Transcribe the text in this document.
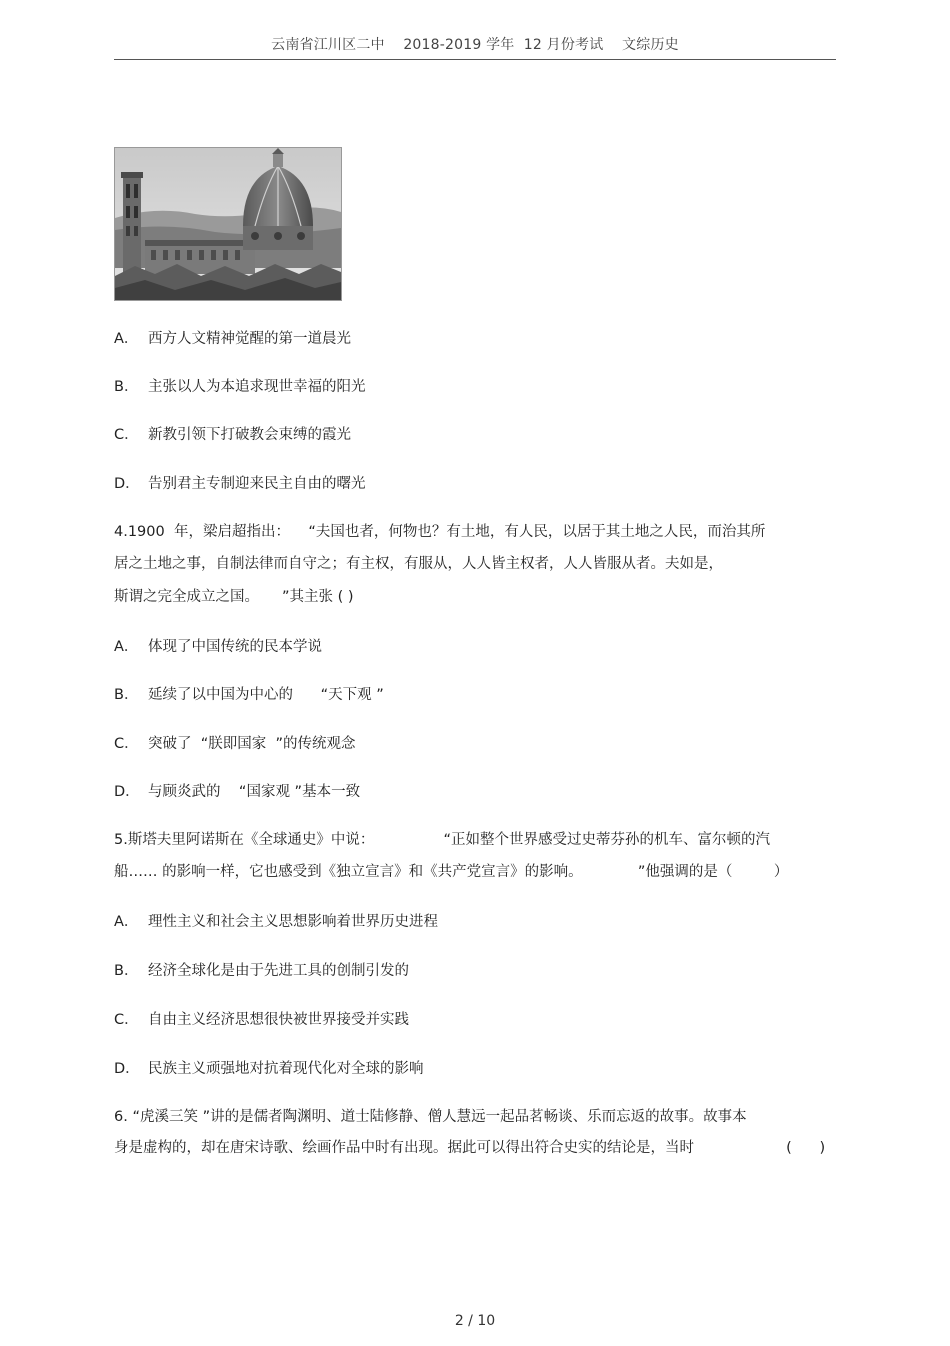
云南省江川区二中    2018-2019 学年  12 月份考试    文综历史
A． 西方人文精神觉醒的第一道晨光
B． 主张以人为本追求现世幸福的阳光
C． 新教引领下打破教会束缚的霞光
D． 告别君主专制迎来民主自由的曙光
4.1900  年，梁启超指出：    “夫国也者，何物也？有土地，有人民，以居于其土地之人民，而治其所
居之土地之事，自制法律而自守之；有主权，有服从，人人皆主权者，人人皆服从者。夫如是，
斯谓之完全成立之国。     ”其主张 ( )
A． 体现了中国传统的民本学说
B． 延续了以中国为中心的      “天下观 ”
C． 突破了  “朕即国家  ”的传统观念
D． 与顾炎武的    “国家观 ”基本一致
5.斯塔夫里阿诺斯在《全球通史》中说：               “正如整个世界感受过史蒂芬孙的机车、富尔顿的汽
船…… 的影响一样，它也感受到《独立宣言》和《共产党宣言》的影响。            ”他强调的是（         ）
A． 理性主义和社会主义思想影响着世界历史进程
B． 经济全球化是由于先进工具的创制引发的
C． 自由主义经济思想很快被世界接受并实践
D． 民族主义顽强地对抗着现代化对全球的影响
6. “虎溪三笑 ”讲的是儒者陶渊明、道士陆修静、僧人慧远一起品茗畅谈、乐而忘返的故事。故事本
身是虚构的，却在唐宋诗歌、绘画作品中时有出现。据此可以得出符合史实的结论是，当时                    (      )
2 / 10
